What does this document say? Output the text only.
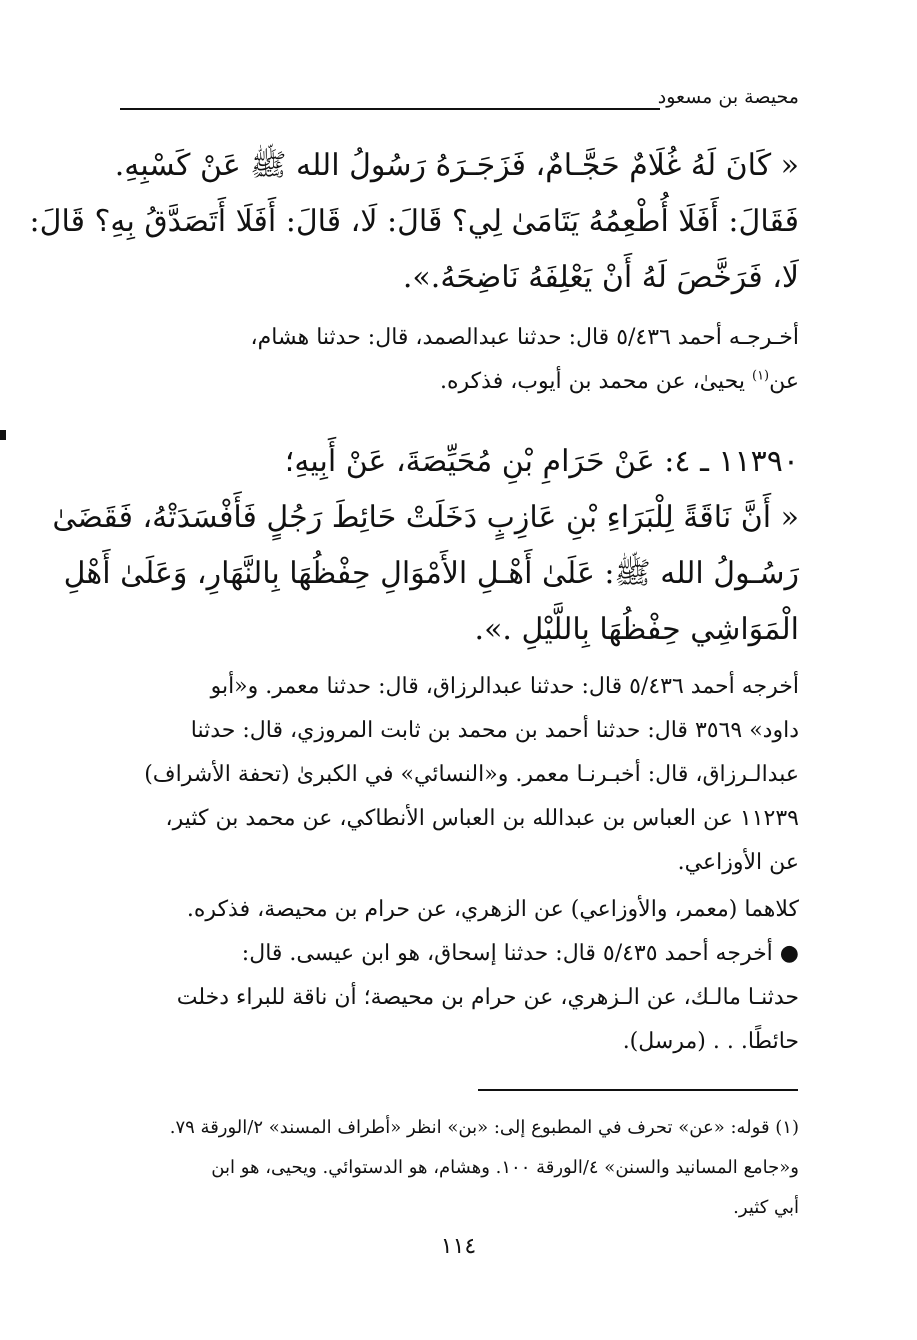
محيصة بن مسعود
« كَانَ لَهُ غُلَامٌ حَجَّـامٌ، فَزَجَـرَهُ رَسُولُ الله ﷺ عَنْ كَسْبِهِ.
فَقَالَ: أَفَلَا أُطْعِمُهُ يَتَامَىٰ لِي؟ قَالَ: لَا، قَالَ: أَفَلَا أَتَصَدَّقُ بِهِ؟ قَالَ:
لَا، فَرَخَّصَ لَهُ أَنْ يَعْلِفَهُ نَاضِحَهُ.».
أخـرجـه أحمد ٥/٤٣٦ قال: حدثنا عبدالصمد، قال: حدثنا هشام،
عن$^{(١)}$ يحيىٰ، عن محمد بن أيوب، فذكره.
١١٣٩٠ ـ ٤: عَنْ حَرَامِ بْنِ مُحَيِّصَةَ، عَنْ أَبِيهِ؛
« أَنَّ نَاقَةً لِلْبَرَاءِ بْنِ عَازِبٍ دَخَلَتْ حَائِطَ رَجُلٍ فَأَفْسَدَتْهُ، فَقَضَىٰ
رَسُـولُ الله ﷺ: عَلَىٰ أَهْـلِ الأَمْوَالِ حِفْظُهَا بِالنَّهَارِ، وَعَلَىٰ أَهْلِ
الْمَوَاشِي حِفْظُهَا بِاللَّيْلِ .».
أخرجه أحمد ٥/٤٣٦ قال: حدثنا عبدالرزاق، قال: حدثنا معمر. و«أبو
داود» ٣٥٦٩ قال: حدثنا أحمد بن محمد بن ثابت المروزي، قال: حدثنا
عبدالـرزاق، قال: أخبـرنـا معمر. و«النسائي» في الكبرىٰ (تحفة الأشراف)
١١٢٣٩ عن العباس بن عبدالله بن العباس الأنطاكي، عن محمد بن كثير،
عن الأوزاعي.
كلاهما (معمر، والأوزاعي) عن الزهري، عن حرام بن محيصة، فذكره.
● أخرجه أحمد ٥/٤٣٥ قال: حدثنا إسحاق، هو ابن عيسى. قال:
حدثنـا مالـك، عن الـزهري، عن حرام بن محيصة؛ أن ناقة للبراء دخلت
حائطًا. . . (مرسل).
(١) قوله: «عن» تحرف في المطبوع إلى: «بن» انظر «أطراف المسند» ٢/الورقة ٧٩.
و«جامع المسانيد والسنن» ٤/الورقة ١٠٠. وهشام، هو الدستوائي. ويحيى، هو ابن
أبي كثير.
١١٤
